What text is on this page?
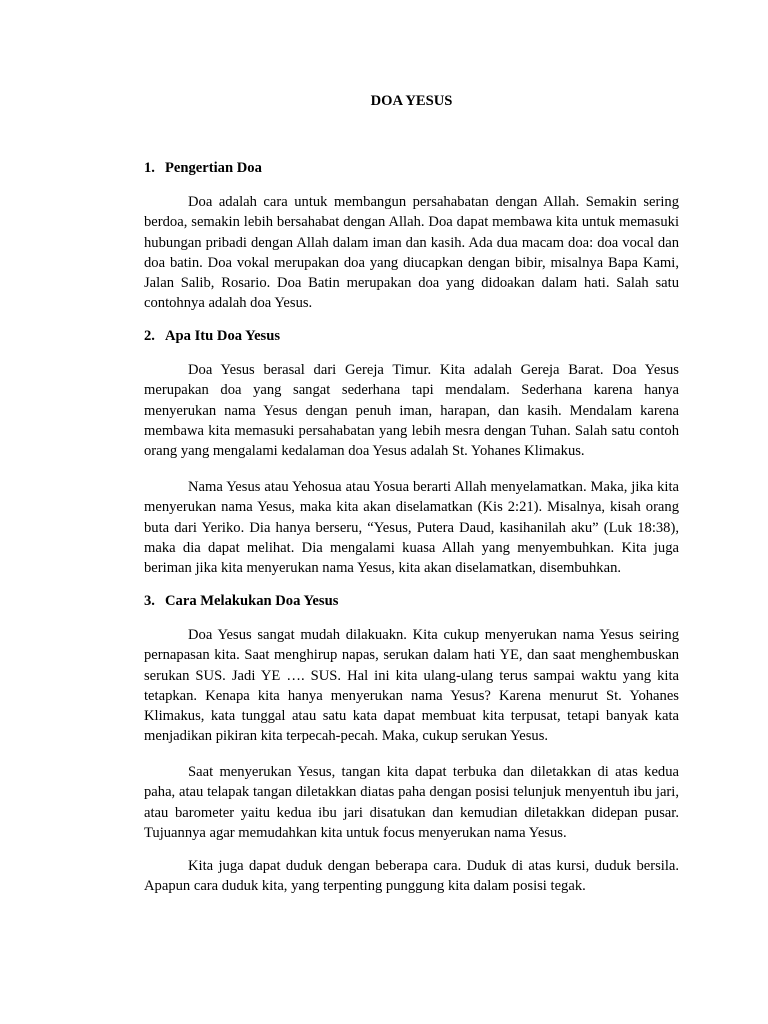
DOA YESUS

1. Pengertian Doa

Doa adalah cara untuk membangun persahabatan dengan Allah. Semakin sering berdoa, semakin lebih bersahabat dengan Allah. Doa dapat membawa kita untuk memasuki hubungan pribadi dengan Allah dalam iman dan kasih. Ada dua macam doa: doa vocal dan doa batin. Doa vokal merupakan doa yang diucapkan dengan bibir, misalnya Bapa Kami, Jalan Salib, Rosario. Doa Batin merupakan doa yang didoakan dalam hati. Salah satu contohnya adalah doa Yesus.

2. Apa Itu Doa Yesus

Doa Yesus berasal dari Gereja Timur. Kita adalah Gereja Barat. Doa Yesus merupakan doa yang sangat sederhana tapi mendalam. Sederhana karena hanya menyerukan nama Yesus dengan penuh iman, harapan, dan kasih. Mendalam karena membawa kita memasuki persahabatan yang lebih mesra dengan Tuhan. Salah satu contoh orang yang mengalami kedalaman doa Yesus adalah St. Yohanes Klimakus.

Nama Yesus atau Yehosua atau Yosua berarti Allah menyelamatkan. Maka, jika kita menyerukan nama Yesus, maka kita akan diselamatkan (Kis 2:21). Misalnya, kisah orang buta dari Yeriko. Dia hanya berseru, “Yesus, Putera Daud, kasihanilah aku” (Luk 18:38), maka dia dapat melihat. Dia mengalami kuasa Allah yang menyembuhkan. Kita juga beriman jika kita menyerukan nama Yesus, kita akan diselamatkan, disembuhkan.

3. Cara Melakukan Doa Yesus

Doa Yesus sangat mudah dilakuakn. Kita cukup menyerukan nama Yesus seiring pernapasan kita. Saat menghirup napas, serukan dalam hati YE, dan saat menghembuskan serukan SUS. Jadi YE …. SUS. Hal ini kita ulang-ulang terus sampai waktu yang kita tetapkan. Kenapa kita hanya menyerukan nama Yesus? Karena menurut St. Yohanes Klimakus, kata tunggal atau satu kata dapat membuat kita terpusat, tetapi banyak kata menjadikan pikiran kita terpecah-pecah. Maka, cukup serukan Yesus.

Saat menyerukan Yesus, tangan kita dapat terbuka dan diletakkan di atas kedua paha, atau telapak tangan diletakkan diatas paha dengan posisi telunjuk menyentuh ibu jari, atau barometer yaitu kedua ibu jari disatukan dan kemudian diletakkan didepan pusar. Tujuannya agar memudahkan kita untuk focus menyerukan nama Yesus.

Kita juga dapat duduk dengan beberapa cara. Duduk di atas kursi, duduk bersila. Apapun cara duduk kita, yang terpenting punggung kita dalam posisi tegak.
